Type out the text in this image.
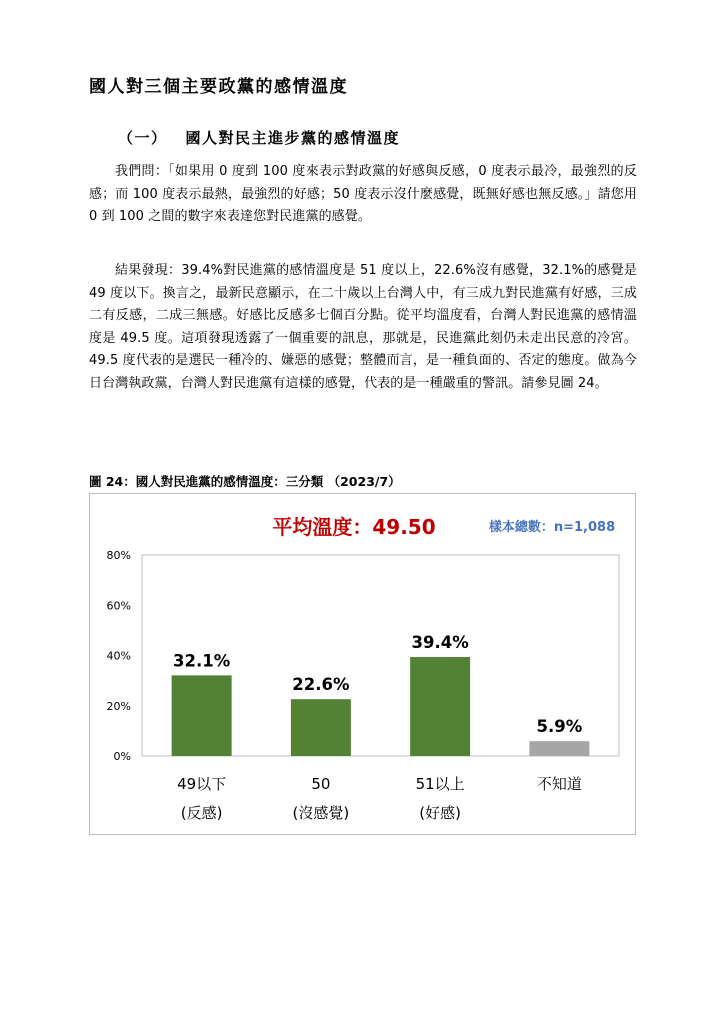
國人對三個主要政黨的感情溫度
（一） 國人對民主進步黨的感情溫度
我們問：「如果用 0 度到 100 度來表示對政黨的好感與反感，0 度表示最冷，最強烈的反感；而 100 度表示最熱，最強烈的好感；50 度表示沒什麼感覺，既無好感也無反感。」請您用 0 到 100 之間的數字來表達您對民進黨的感覺。
結果發現：39.4%對民進黨的感情溫度是 51 度以上，22.6%沒有感覺，32.1%的感覺是 49 度以下。換言之，最新民意顯示，在二十歲以上台灣人中，有三成九對民進黨有好感，三成二有反感，二成三無感。好感比反感多七個百分點。從平均溫度看，台灣人對民進黨的感情溫度是 49.5 度。這項發現透露了一個重要的訊息，那就是，民進黨此刻仍未走出民意的冷宮。49.5 度代表的是選民一種冷的、嫌惡的感覺；整體而言，是一種負面的、否定的態度。做為今日台灣執政黨，台灣人對民進黨有這樣的感覺，代表的是一種嚴重的警訊。請參見圖 24。
圖 24：國人對民進黨的感情溫度：三分類 （2023/7）
平均溫度：49.50	樣本總數：n=1,088
0%
20%
40%
60%
80%
32.1%
49以下
(反感)
22.6%
50
(沒感覺)
39.4%
51以上
(好感)
5.9%
不知道
